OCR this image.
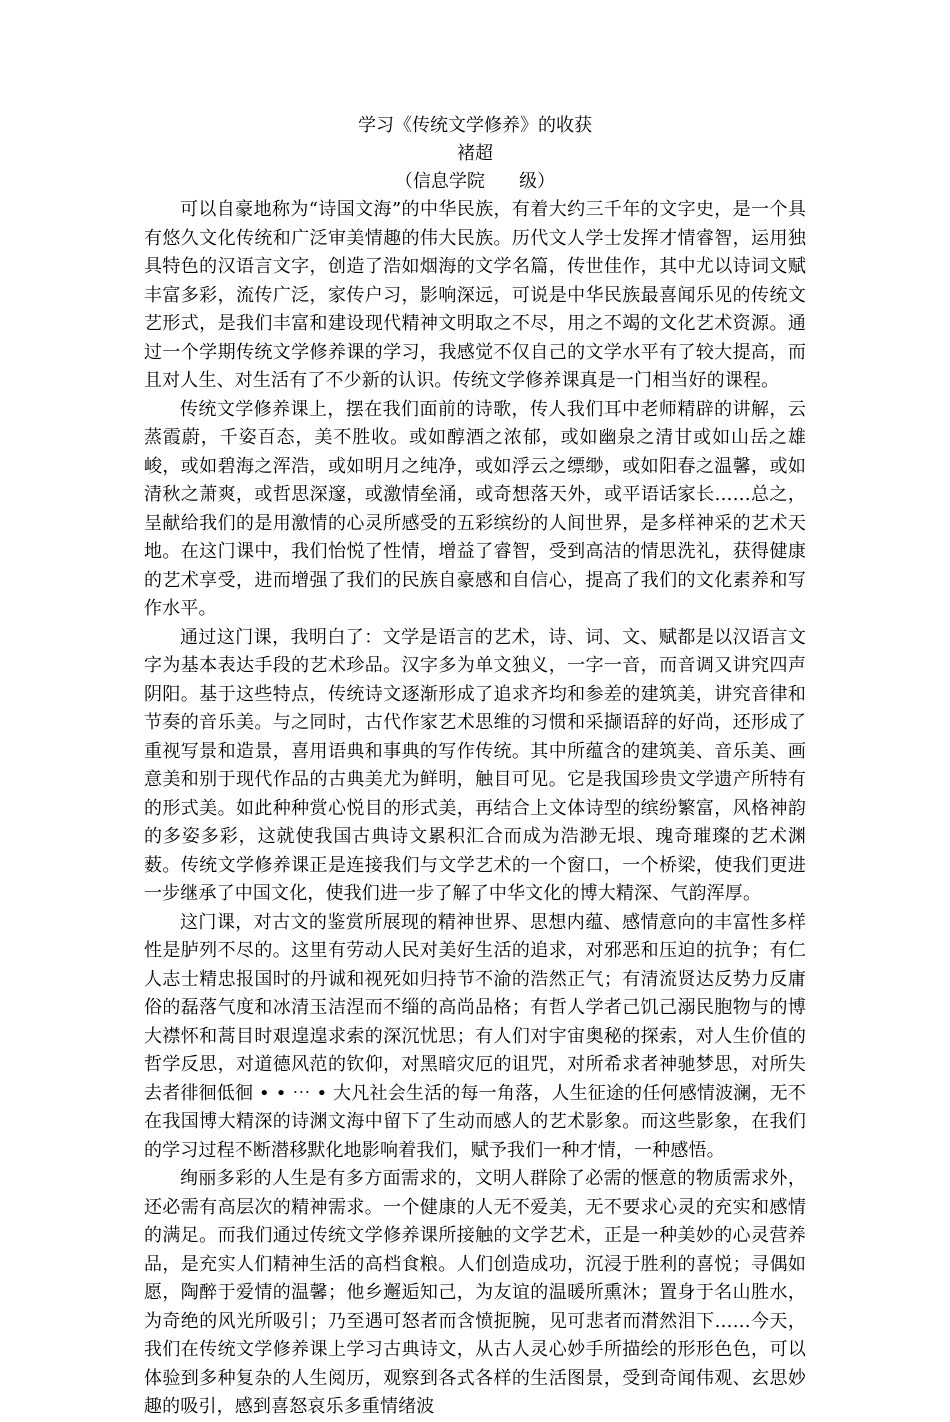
学习《传统文学修养》的收获

褚超

（信息学院      级）

可以自豪地称为“诗国文海”的中华民族，有着大约三千年的文字史，是一个具有悠久文化传统和广泛审美情趣的伟大民族。历代文人学士发挥才情睿智，运用独具特色的汉语言文字，创造了浩如烟海的文学名篇，传世佳作，其中尤以诗词文赋丰富多彩，流传广泛，家传户习，影响深远，可说是中华民族最喜闻乐见的传统文艺形式，是我们丰富和建设现代精神文明取之不尽，用之不竭的文化艺术资源。通过一个学期传统文学修养课的学习，我感觉不仅自己的文学水平有了较大提高，而且对人生、对生活有了不少新的认识。传统文学修养课真是一门相当好的课程。

传统文学修养课上，摆在我们面前的诗歌，传人我们耳中老师精辟的讲解，云蒸霞蔚，千姿百态，美不胜收。或如醇酒之浓郁，或如幽泉之清甘或如山岳之雄峻，或如碧海之浑浩，或如明月之纯净，或如浮云之缥缈，或如阳春之温馨，或如清秋之萧爽，或哲思深邃，或激情垒涌，或奇想落天外，或平语话家长……总之，呈献给我们的是用激情的心灵所感受的五彩缤纷的人间世界，是多样神采的艺术天地。在这门课中，我们怡悦了性情，增益了睿智，受到高洁的情思洗礼，获得健康的艺术享受，进而增强了我们的民族自豪感和自信心，提高了我们的文化素养和写作水平。

通过这门课，我明白了：文学是语言的艺术，诗、词、文、赋都是以汉语言文字为基本表达手段的艺术珍品。汉字多为单文独义，一字一音，而音调又讲究四声阴阳。基于这些特点，传统诗文逐渐形成了追求齐均和参差的建筑美，讲究音律和节奏的音乐美。与之同时，古代作家艺术思维的习惯和采撷语辞的好尚，还形成了重视写景和造景，喜用语典和事典的写作传统。其中所蕴含的建筑美、音乐美、画意美和别于现代作品的古典美尤为鲜明，触目可见。它是我国珍贵文学遗产所特有的形式美。如此种种赏心悦目的形式美，再结合上文体诗型的缤纷繁富，风格神韵的多姿多彩，这就使我国古典诗文累积汇合而成为浩渺无垠、瑰奇璀璨的艺术渊薮。传统文学修养课正是连接我们与文学艺术的一个窗口，一个桥梁，使我们更进一步继承了中国文化，使我们进一步了解了中华文化的博大精深、气韵浑厚。

这门课，对古文的鉴赏所展现的精神世界、思想内蕴、感情意向的丰富性多样性是胪列不尽的。这里有劳动人民对美好生活的追求，对邪恶和压迫的抗争；有仁人志士精忠报国时的丹诚和视死如归持节不渝的浩然正气；有清流贤达反势力反庸俗的磊落气度和冰清玉洁涅而不缁的高尚品格；有哲人学者己饥己溺民胞物与的博大襟怀和蒿目时艰遑遑求索的深沉忧思；有人们对宇宙奥秘的探索，对人生价值的哲学反思，对道德风范的钦仰，对黑暗灾厄的诅咒，对所希求者神驰梦思，对所失去者徘徊低徊 • • ⋯ • 大凡社会生活的每一角落，人生征途的任何感情波澜，无不在我国博大精深的诗渊文海中留下了生动而感人的艺术影象。而这些影象，在我们的学习过程不断潜移默化地影响着我们，赋予我们一种才情，一种感悟。

绚丽多彩的人生是有多方面需求的，文明人群除了必需的惬意的物质需求外，还必需有高层次的精神需求。一个健康的人无不爱美，无不要求心灵的充实和感情的满足。而我们通过传统文学修养课所接触的文学艺术，正是一种美妙的心灵营养品，是充实人们精神生活的高档食粮。人们创造成功，沉浸于胜利的喜悦；寻偶如愿，陶醉于爱情的温馨；他乡邂逅知己，为友谊的温暖所熏沐；置身于名山胜水，为奇绝的风光所吸引；乃至遇可怒者而含愤扼腕，见可悲者而潸然泪下……今天，我们在传统文学修养课上学习古典诗文，从古人灵心妙手所描绘的形形色色，可以体验到多种复杂的人生阅历，观察到各式各样的生活图景，受到奇闻伟观、玄思妙趣的吸引，感到喜怒哀乐多重情绪波
